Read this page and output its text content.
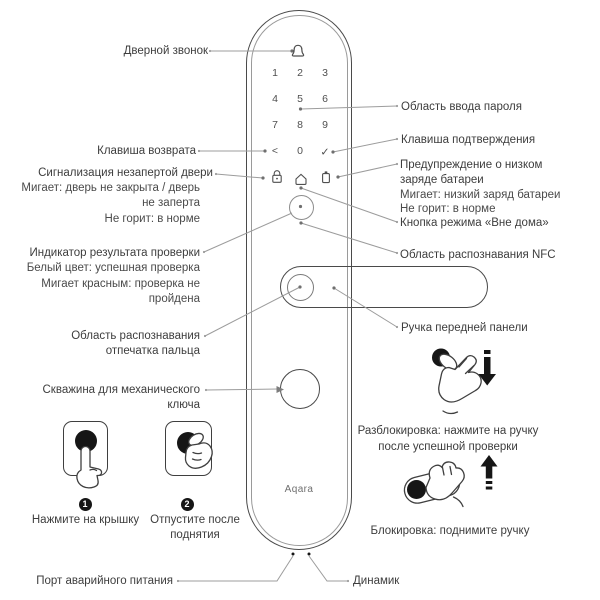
1 2 3
4 5 6
7 8 9
< 0 ✓
Aqara
Дверной звонок
Клавиша возврата
Сигнализация незапертой двери
Мигает: дверь не закрыта / дверь
не заперта
Не горит: в норме
Индикатор результата проверки
Белый цвет: успешная проверка
Мигает красным: проверка не
пройдена
Область распознавания
отпечатка пальца
Скважина для механического
ключа
Порт аварийного питания
1	2
Нажмите на крышку Отпустите после
поднятия
Область ввода пароля
Клавиша подтверждения
Предупреждение о низком
заряде батареи
Мигает: низкий заряд батареи
Не горит: в норме
Кнопка режима «Вне дома»
Область распознавания NFC
Ручка передней панели
Разблокировка: нажмите на ручку
после успешной проверки
Блокировка: поднимите ручку
Динамик
